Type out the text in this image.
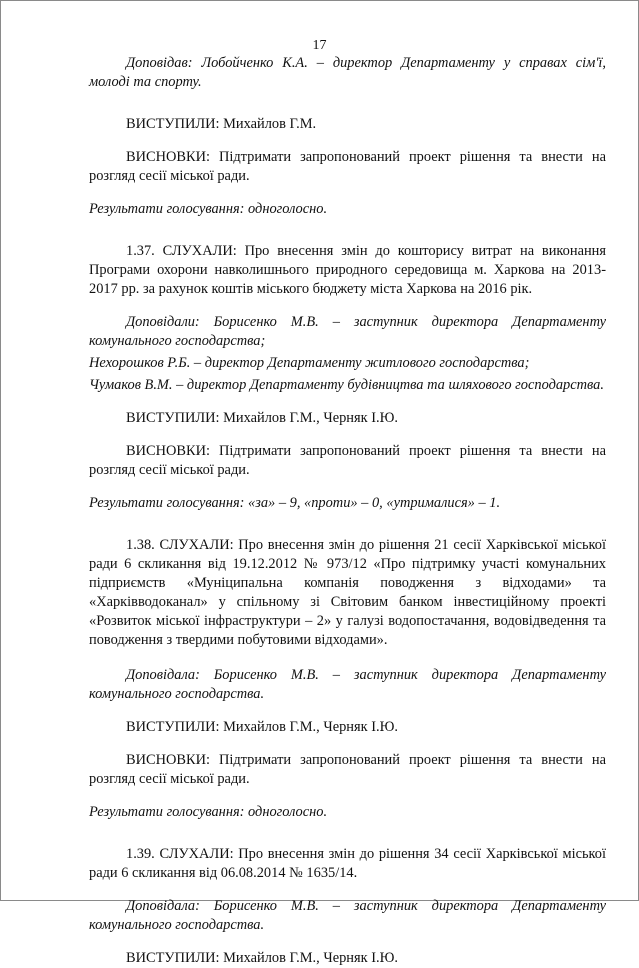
17

Доповідав: Лобойченко К.А. – директор Департаменту у справах сім'ї, молоді та спорту.

ВИСТУПИЛИ: Михайлов Г.М.

ВИСНОВКИ: Підтримати запропонований проект рішення та внести на розгляд сесії міської ради.

Результати голосування: одноголосно.

1.37. СЛУХАЛИ: Про внесення змін до кошторису витрат на виконання Програми охорони навколишнього природного середовища м. Харкова на 2013-2017 рр. за рахунок коштів міського бюджету міста Харкова на 2016 рік.

Доповідали: Борисенко М.В. – заступник директора Департаменту комунального господарства;

Нехорошков Р.Б. – директор Департаменту житлового господарства;

Чумаков В.М. – директор Департаменту будівництва та шляхового господарства.

ВИСТУПИЛИ: Михайлов Г.М., Черняк І.Ю.

ВИСНОВКИ: Підтримати запропонований проект рішення та внести на розгляд сесії міської ради.

Результати голосування: «за» – 9, «проти» – 0, «утрималися» – 1.

1.38. СЛУХАЛИ: Про внесення змін до рішення 21 сесії Харківської міської ради 6 скликання від 19.12.2012 № 973/12 «Про підтримку участі комунальних підприємств «Муніципальна компанія поводження з відходами» та «Харківводоканал» у спільному зі Світовим банком інвестиційному проекті «Розвиток міської інфраструктури – 2» у галузі водопостачання, водовідведення та поводження з твердими побутовими відходами».

Доповідала: Борисенко М.В. – заступник директора Департаменту комунального господарства.

ВИСТУПИЛИ: Михайлов Г.М., Черняк І.Ю.

ВИСНОВКИ: Підтримати запропонований проект рішення та внести на розгляд сесії міської ради.

Результати голосування: одноголосно.

1.39. СЛУХАЛИ: Про внесення змін до рішення 34 сесії Харківської міської ради 6 скликання від 06.08.2014 № 1635/14.

Доповідала: Борисенко М.В. – заступник директора Департаменту комунального господарства.

ВИСТУПИЛИ: Михайлов Г.М., Черняк І.Ю.
